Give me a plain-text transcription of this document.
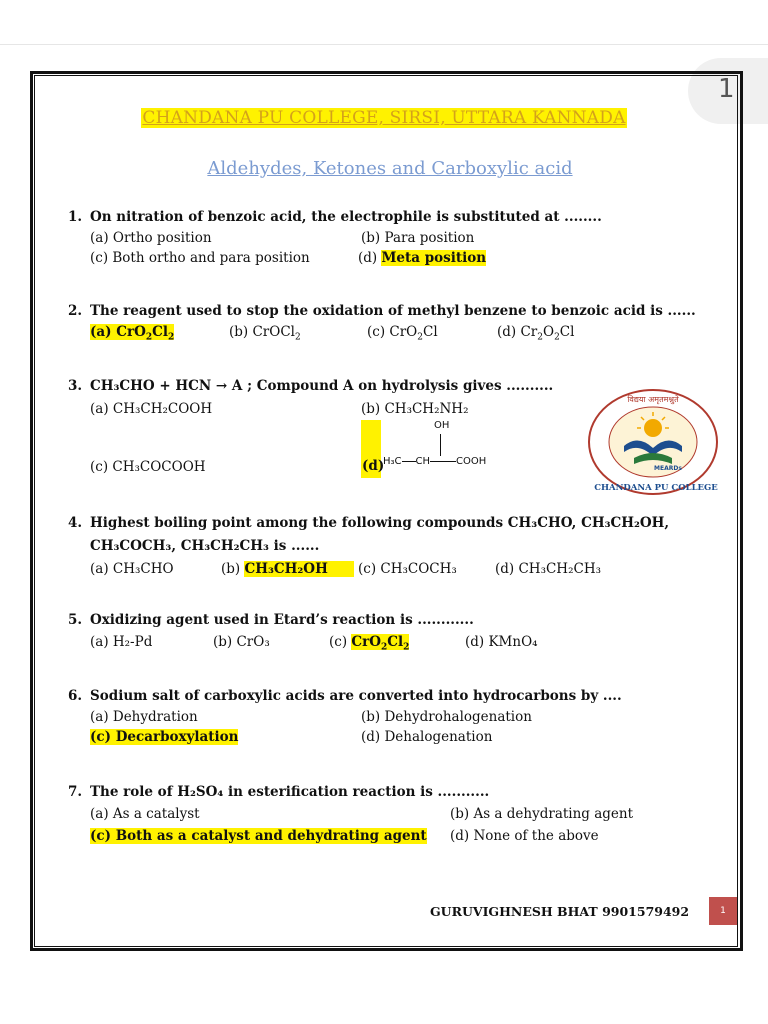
1
CHANDANA PU COLLEGE, SIRSI, UTTARA KANNADA
Aldehydes, Ketones and Carboxylic acid
1. On nitration of benzoic acid, the electrophile is substituted at ........
(a) Ortho position	(b) Para position
(c) Both ortho and para position	(d) Meta position
2. The reagent used to stop the oxidation of methyl benzene to benzoic acid is ......
(a) $CrO_2Cl_2$	(b) CrOCl$_2$	(c) CrO$_2$Cl	(d) $Cr_2O_2Cl$
3. CH₃CHO + HCN → A ; Compound A on hydrolysis gives ..........
(a) CH₃CH₂COOH	(b) CH₃CH₂NH₂
(c) CH₃COCOOH	(d)
OH
H₃C CH	COOH
विद्यया अमृतमश्नुते
MEARDs
CHANDANA PU COLLEGE
4. Highest boiling point among the following compounds CH₃CHO, CH₃CH₂OH,
CH₃COCH₃, CH₃CH₂CH₃ is ......
(a) CH₃CHO	(b) CH₃CH₂OH	(c) CH₃COCH₃	(d) CH₃CH₂CH₃
5. Oxidizing agent used in Etard’s reaction is ............
(a) H₂-Pd	(b) CrO₃	(c) $CrO_2Cl_2$	(d) KMnO₄
6. Sodium salt of carboxylic acids are converted into hydrocarbons by ....
(a) Dehydration	(b) Dehydrohalogenation
(c) Decarboxylation	(d) Dehalogenation
7. The role of H₂SO₄ in esterification reaction is ...........
(a) As a catalyst	(b) As a dehydrating agent
(c) Both as a catalyst and dehydrating agent (d) None of the above
GURUVIGHNESH BHAT 9901579492	1
